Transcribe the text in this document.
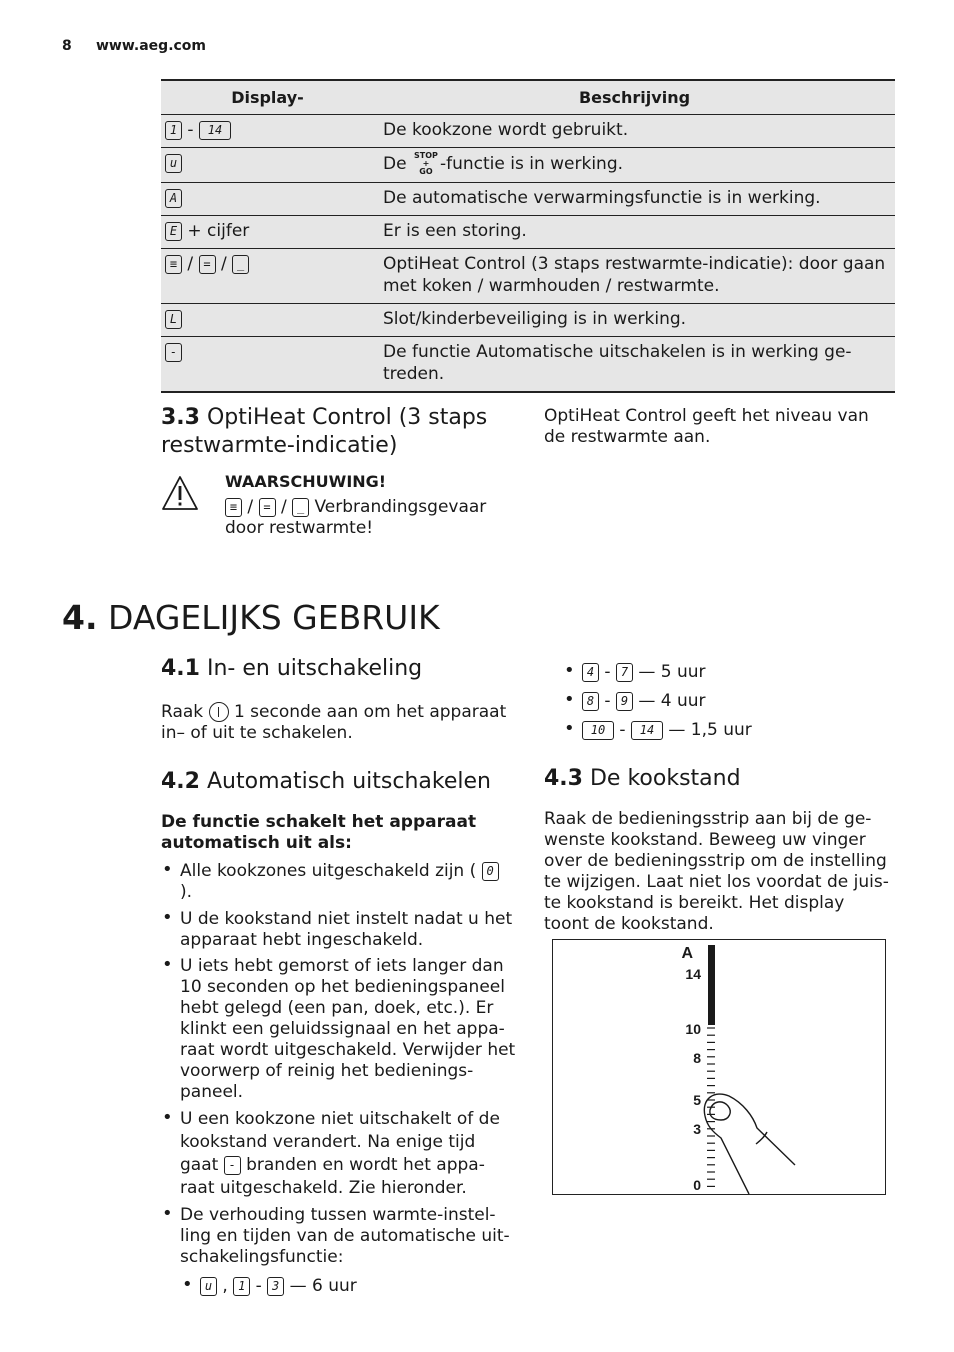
8 www.aeg.com
Display-	Beschrijving
1 - 14	De kookzone wordt gebruikt.
u	De STOP
+
GO -functie is in werking.
A	De automatische verwarmingsfunctie is in werking.
E + cijfer	Er is een storing.
≡ / = / _	OptiHeat Control (3 staps restwarmte-indicatie): door gaan met koken / warmhouden / restwarmte.
L	Slot/kinderbeveiliging is in werking.
-	De functie Automatische uitschakelen is in werking ge-treden.
3.3 OptiHeat Control (3 staps restwarmte-indicatie)
WAARSCHUWING!
≡ / = / _ Verbrandingsgevaar door restwarmte!
OptiHeat Control geeft het niveau van de restwarmte aan.
4. DAGELIJKS GEBRUIK
4.1 In- en uitschakeling
Raak 1 seconde aan om het apparaat in– of uit te schakelen.
4.2 Automatisch uitschakelen
De functie schakelt het apparaat automatisch uit als:
• Alle kookzones uitgeschakeld zijn ( 0 ).
• U de kookstand niet instelt nadat u het apparaat hebt ingeschakeld.
• U iets hebt gemorst of iets langer dan 10 seconden op het bedieningspaneel hebt gelegd (een pan, doek, etc.). Er klinkt een geluidssignaal en het appa-raat wordt uitgeschakeld. Verwijder het voorwerp of reinig het bedienings-paneel.
• U een kookzone niet uitschakelt of de kookstand verandert. Na enige tijd gaat - branden en wordt het appa-raat uitgeschakeld. Zie hieronder.
• De verhouding tussen warmte-instel-ling en tijden van de automatische uit-schakelingsfunctie:
• u , 1 - 3 — 6 uur
• 4 - 7 — 5 uur
• 8 - 9 — 4 uur
• 10 - 14 — 1,5 uur
4.3 De kookstand
Raak de bedieningsstrip aan bij de ge-wenste kookstand. Beweeg uw vinger over de bedieningsstrip om de instelling te wijzigen. Laat niet los voordat de juis-te kookstand is bereikt. Het display toont de kookstand.
A
14
10
8
5
3
0
